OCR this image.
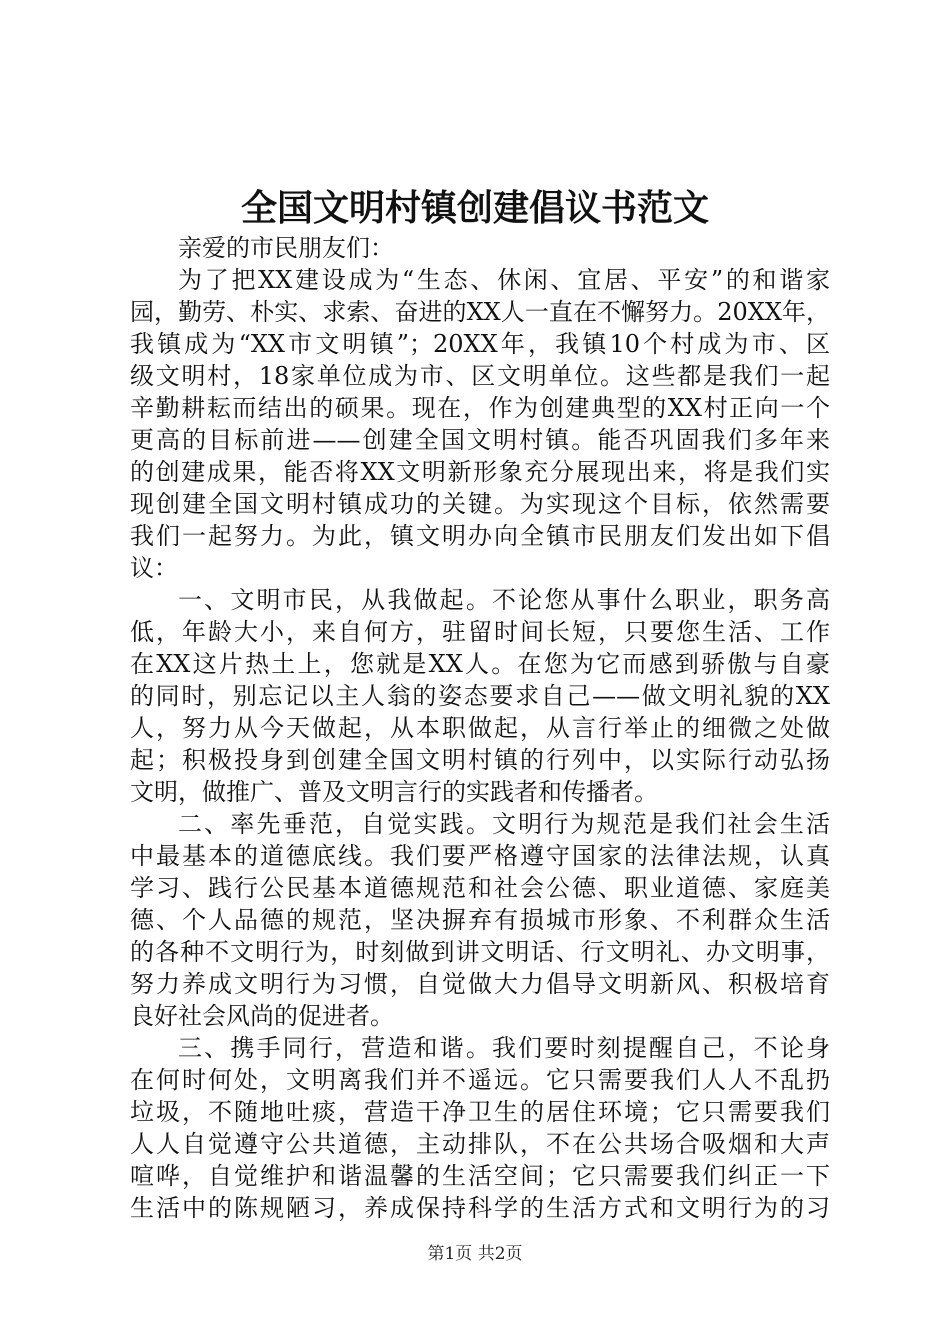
全国文明村镇创建倡议书范文
亲爱的市民朋友们：
为了把XX建设成为“生态、休闲、宜居、平安”的和谐家
园，勤劳、朴实、求索、奋进的XX人一直在不懈努力。20XX年，
我镇成为“XX市文明镇”；20XX年，我镇10个村成为市、区
级文明村，18家单位成为市、区文明单位。这些都是我们一起
辛勤耕耘而结出的硕果。现在，作为创建典型的XX村正向一个
更高的目标前进——创建全国文明村镇。能否巩固我们多年来
的创建成果，能否将XX文明新形象充分展现出来，将是我们实
现创建全国文明村镇成功的关键。为实现这个目标，依然需要
我们一起努力。为此，镇文明办向全镇市民朋友们发出如下倡
议：
一、文明市民，从我做起。不论您从事什么职业，职务高
低，年龄大小，来自何方，驻留时间长短，只要您生活、工作
在XX这片热土上，您就是XX人。在您为它而感到骄傲与自豪
的同时，别忘记以主人翁的姿态要求自己——做文明礼貌的XX
人，努力从今天做起，从本职做起，从言行举止的细微之处做
起；积极投身到创建全国文明村镇的行列中，以实际行动弘扬
文明，做推广、普及文明言行的实践者和传播者。
二、率先垂范，自觉实践。文明行为规范是我们社会生活
中最基本的道德底线。我们要严格遵守国家的法律法规，认真
学习、践行公民基本道德规范和社会公德、职业道德、家庭美
德、个人品德的规范，坚决摒弃有损城市形象、不利群众生活
的各种不文明行为，时刻做到讲文明话、行文明礼、办文明事，
努力养成文明行为习惯，自觉做大力倡导文明新风、积极培育
良好社会风尚的促进者。
三、携手同行，营造和谐。我们要时刻提醒自己，不论身
在何时何处，文明离我们并不遥远。它只需要我们人人不乱扔
垃圾，不随地吐痰，营造干净卫生的居住环境；它只需要我们
人人自觉遵守公共道德，主动排队，不在公共场合吸烟和大声
喧哗，自觉维护和谐温馨的生活空间；它只需要我们纠正一下
生活中的陈规陋习，养成保持科学的生活方式和文明行为的习
第1页 共2页
